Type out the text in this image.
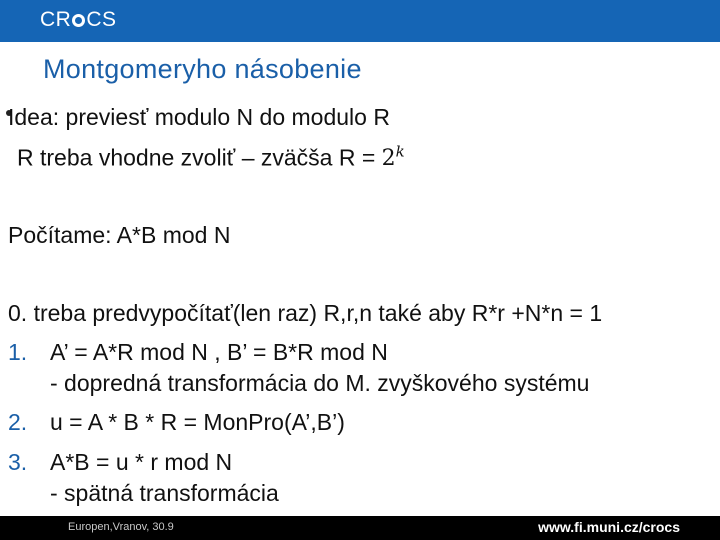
CR CS
Montgomeryho násobenie
Idea: previesť modulo N do modulo R
R treba vhodne zvoliť – zväčša $R = 2^k$
Počítame: A*B mod N
0. treba predvypočítať(len raz) R,r,n také aby R*r +N*n = 1
1. A’ = A*R mod N , B’ = B*R mod N
- dopredná transformácia do M. zvyškového systému
2. u = A * B * R = MonPro(A’,B’)
3. A*B = u * r mod N
- spätná transformácia
Europen,Vranov, 30.9	www.fi.muni.cz/crocs
